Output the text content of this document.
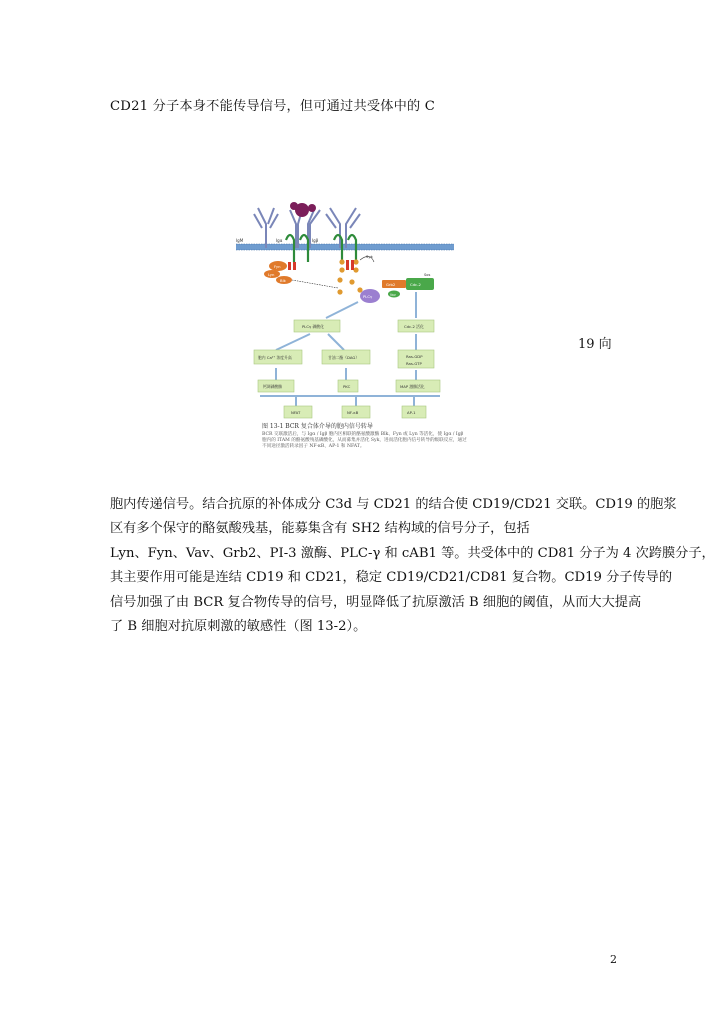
CD21 分子本身不能传导信号，但可通过共受体中的 C
IgM	Igα	Igβ
Fyn
Lyn
Blk
Syk
PLCγ
Grb2	Cdc-2
Sos
Vav
PLCγ 磷酸化	Cdc-2 活化
胞内 Ca²⁺ 浓度升高	甘油二酯（DAG）	Ras-GDP
Ras-GTP
钙调磷酸酶	PKC	MAP 激酶活化
NFAT	NF-κB	AP-1
图 13-1 BCR 复合体介导的胞内信号转导
BCR 交联激活后，与 Igα / Igβ 胞内区相联的酪氨酸激酶 Blk、Fyn 或 Lyn 等活化，使 Igα / Igβ 胞内的 ITAM 的酪氨酸残基磷酸化，从而募集并活化 Syk，进而活化胞内信号转导的级联反应，通过不同途径激活转录因子 NF-κB、AP-1 和 NFAT。
19 向
胞内传递信号。结合抗原的补体成分 C3d 与 CD21 的结合使 CD19/CD21 交联。CD19 的胞浆
区有多个保守的酪氨酸残基，能募集含有 SH2 结构域的信号分子，包括
Lyn、Fyn、Vav、Grb2、PI-3 激酶、PLC-γ 和 cAB1 等。共受体中的 CD81 分子为 4 次跨膜分子，
其主要作用可能是连结 CD19 和 CD21，稳定 CD19/CD21/CD81 复合物。CD19 分子传导的
信号加强了由 BCR 复合物传导的信号，明显降低了抗原激活 B 细胞的阈值，从而大大提高
了 B 细胞对抗原刺激的敏感性（图 13-2）。
2
